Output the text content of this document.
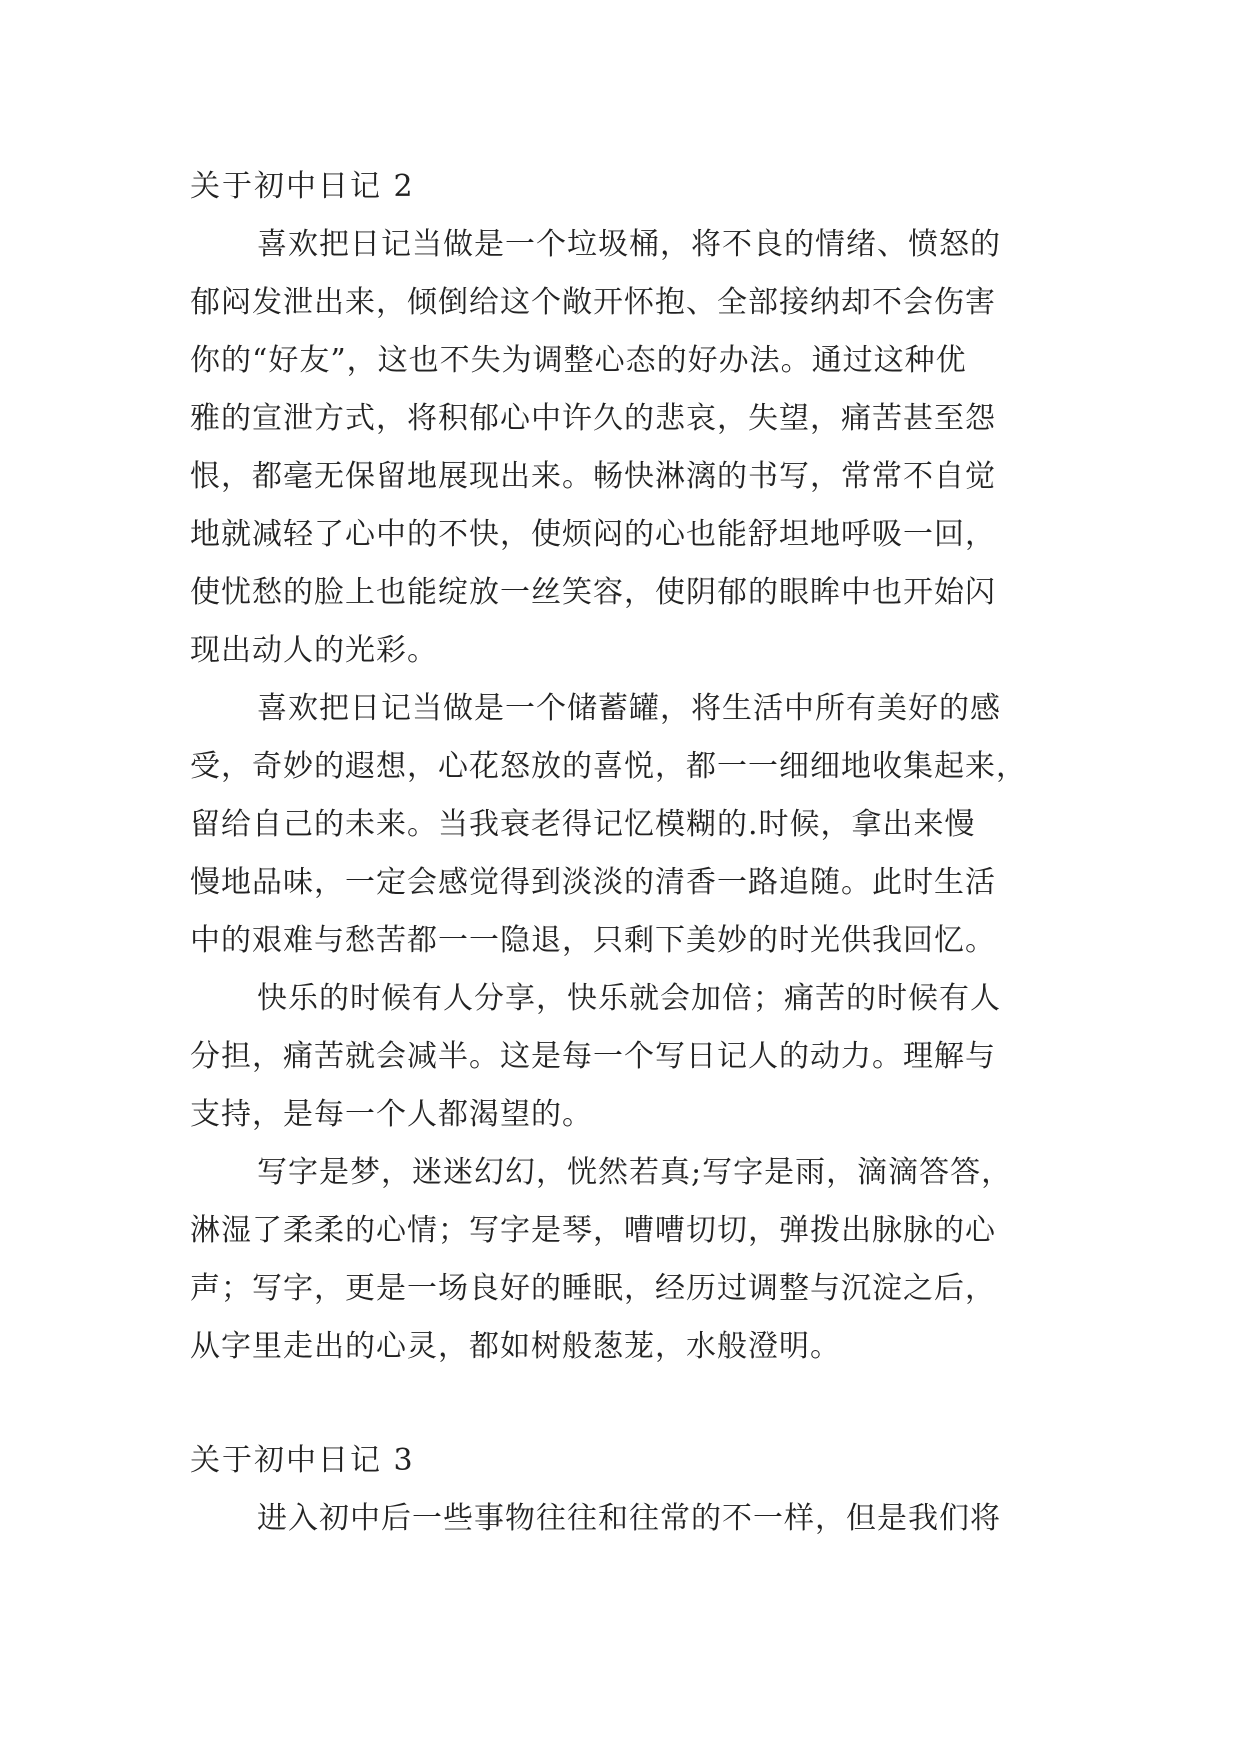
关于初中日记 2
喜欢把日记当做是一个垃圾桶，将不良的情绪、愤怒的
郁闷发泄出来，倾倒给这个敞开怀抱、全部接纳却不会伤害
你的“好友”，这也不失为调整心态的好办法。通过这种优
雅的宣泄方式，将积郁心中许久的悲哀，失望，痛苦甚至怨
恨，都毫无保留地展现出来。畅快淋漓的书写，常常不自觉
地就减轻了心中的不快，使烦闷的心也能舒坦地呼吸一回，
使忧愁的脸上也能绽放一丝笑容，使阴郁的眼眸中也开始闪
现出动人的光彩。
喜欢把日记当做是一个储蓄罐，将生活中所有美好的感
受，奇妙的遐想，心花怒放的喜悦，都一一细细地收集起来，
留给自己的未来。当我衰老得记忆模糊的.时候，拿出来慢
慢地品味，一定会感觉得到淡淡的清香一路追随。此时生活
中的艰难与愁苦都一一隐退，只剩下美妙的时光供我回忆。
快乐的时候有人分享，快乐就会加倍；痛苦的时候有人
分担，痛苦就会减半。这是每一个写日记人的动力。理解与
支持，是每一个人都渴望的。
写字是梦，迷迷幻幻，恍然若真;写字是雨，滴滴答答，
淋湿了柔柔的心情；写字是琴，嘈嘈切切，弹拨出脉脉的心
声；写字，更是一场良好的睡眠，经历过调整与沉淀之后，
从字里走出的心灵，都如树般葱茏，水般澄明。
关于初中日记 3
进入初中后一些事物往往和往常的不一样，但是我们将
